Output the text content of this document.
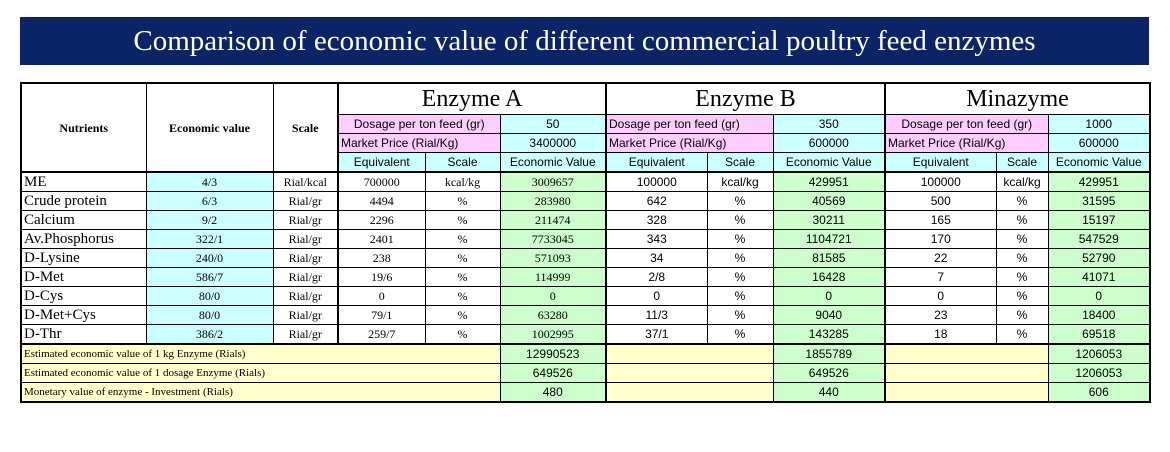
Comparison of economic value of different commercial poultry feed enzymes
Nutrients	Economic value	Scale	Enzyme A			Enzyme B			Minazyme		
			Dosage per ton feed (gr)		50	Dosage per ton feed (gr)		350	Dosage per ton feed (gr)		1000
			Market Price (Rial/Kg)		3400000	Market Price (Rial/Kg)		600000	Market Price (Rial/Kg)		600000
			Equivalent	Scale	Economic Value	Equivalent	Scale	Economic Value	Equivalent	Scale	Economic Value
ME	4/3	Rial/kcal	700000	kcal/kg	3009657	100000	kcal/kg	429951	100000	kcal/kg	429951
Crude protein	6/3	Rial/gr	4494	%	283980	642	%	40569	500	%	31595
Calcium	9/2	Rial/gr	2296	%	211474	328	%	30211	165	%	15197
Av.Phosphorus	322/1	Rial/gr	2401	%	7733045	343	%	1104721	170	%	547529
D-Lysine	240/0	Rial/gr	238	%	571093	34	%	81585	22	%	52790
D-Met	586/7	Rial/gr	19/6	%	114999	2/8	%	16428	7	%	41071
D-Cys	80/0	Rial/gr	0	%	0	0	%	0	0	%	0
D-Met+Cys	80/0	Rial/gr	79/1	%	63280	11/3	%	9040	23	%	18400
D-Thr	386/2	Rial/gr	259/7	%	1002995	37/1	%	143285	18	%	69518
Estimated economic value of 1 kg Enzyme (Rials)					12990523			1855789			1206053
Estimated economic value of 1 dosage Enzyme (Rials)					649526			649526			1206053
Monetary value of enzyme - Investment (Rials)					480			440			606
